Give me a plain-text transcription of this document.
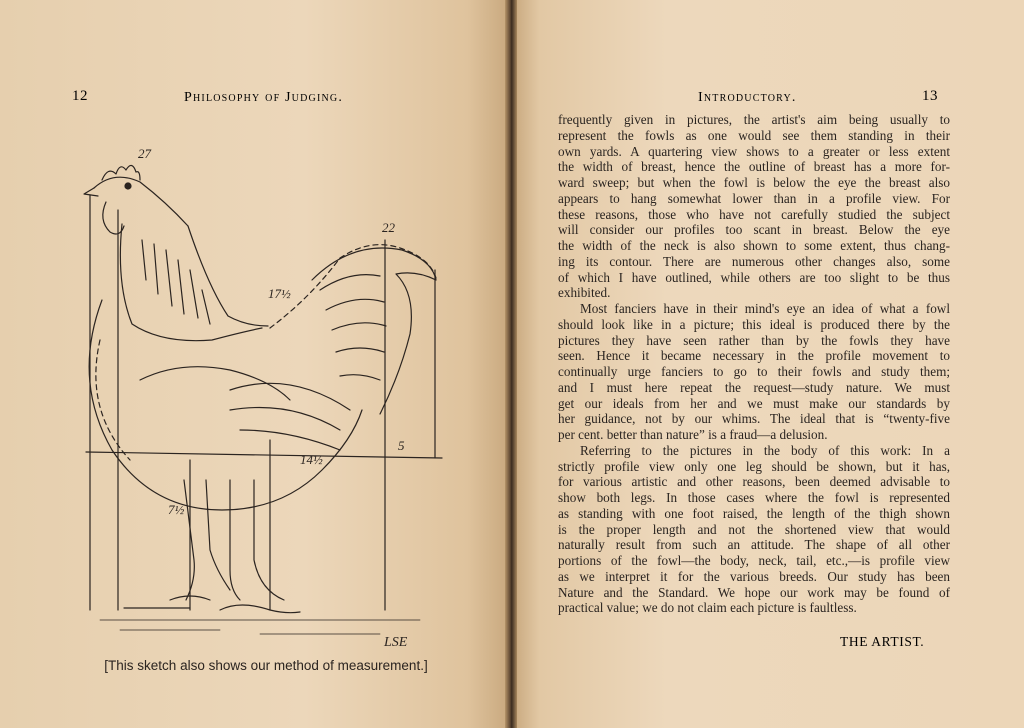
12	Philosophy of Judging.
27
22
17½
14½
5
7½
LSE
[This sketch also shows our method of measurement.]
Introductory.	13
frequently given in pictures, the artist's aim being usually to
represent the fowls as one would see them standing in their
own yards. A quartering view shows to a greater or less extent
the width of breast, hence the outline of breast has a more for-
ward sweep; but when the fowl is below the eye the breast also
appears to hang somewhat lower than in a profile view. For
these reasons, those who have not carefully studied the subject
will consider our profiles too scant in breast. Below the eye
the width of the neck is also shown to some extent, thus chang-
ing its contour. There are numerous other changes also, some
of which I have outlined, while others are too slight to be thus
exhibited.
Most fanciers have in their mind's eye an idea of what a fowl
should look like in a picture; this ideal is produced there by the
pictures they have seen rather than by the fowls they have
seen. Hence it became necessary in the profile movement to
continually urge fanciers to go to their fowls and study them;
and I must here repeat the request—study nature. We must
get our ideals from her and we must make our standards by
her guidance, not by our whims. The ideal that is “twenty-five
per cent. better than nature” is a fraud—a delusion.
Referring to the pictures in the body of this work: In a
strictly profile view only one leg should be shown, but it has,
for various artistic and other reasons, been deemed advisable to
show both legs. In those cases where the fowl is represented
as standing with one foot raised, the length of the thigh shown
is the proper length and not the shortened view that would
naturally result from such an attitude. The shape of all other
portions of the fowl—the body, neck, tail, etc.,—is profile view
as we interpret it for the various breeds. Our study has been
Nature and the Standard. We hope our work may be found of
practical value; we do not claim each picture is faultless.
THE ARTIST.
